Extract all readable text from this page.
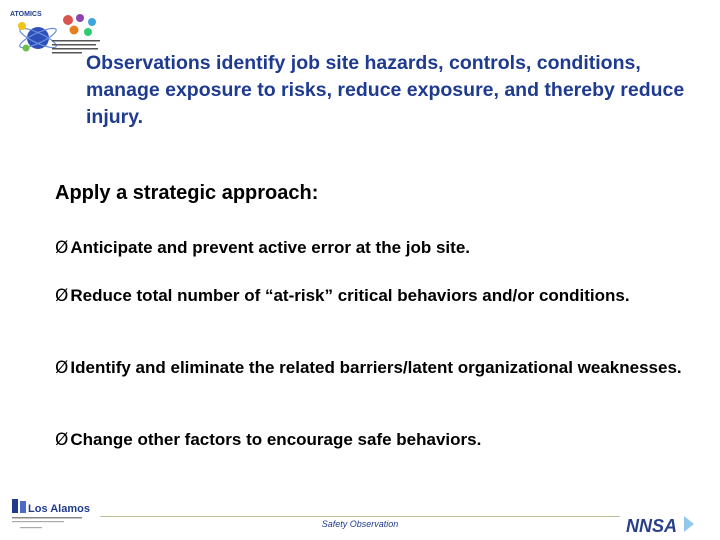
ATOMICS
Observations identify job site hazards, controls, conditions, manage exposure to risks, reduce exposure, and thereby reduce injury.
Apply a strategic approach:
Ø Anticipate and prevent active error at the job site.
Ø Reduce total number of “at-risk” critical behaviors and/or conditions.
Ø Identify and eliminate the related barriers/latent organizational weaknesses.
Ø Change other factors to encourage safe behaviors.
Los Alamos
Safety Observation	NNSA
